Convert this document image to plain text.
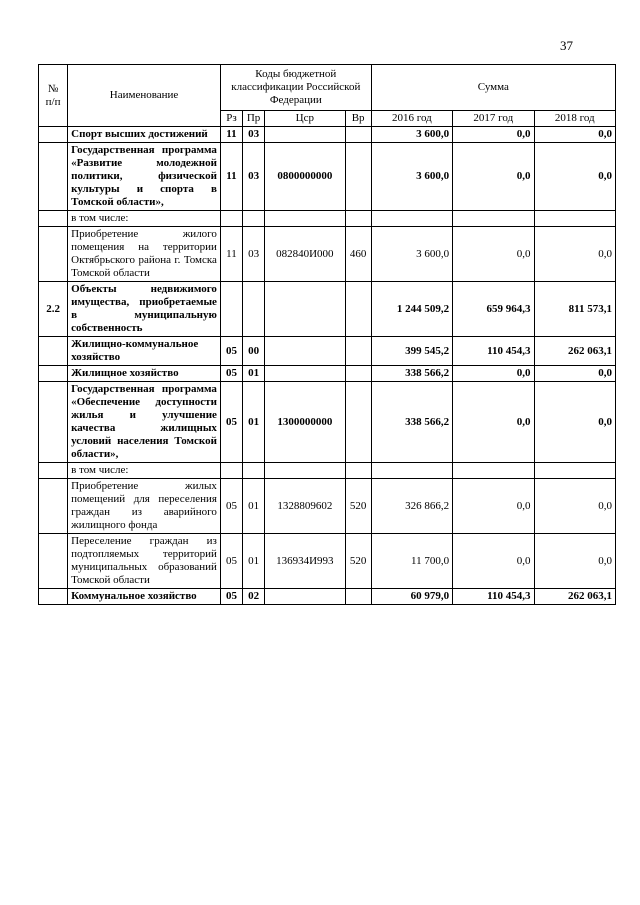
37
№ п/п	Наименование	Коды бюджетной классификации Российской Федерации				Сумма		
		Рз	Пр	Цср	Вр	2016 год	2017 год	2018 год
	Спорт высших достижений	11	03			3 600,0	0,0	0,0
	Государственная программа «Развитие молодежной политики, физической культуры и спорта в Томской области»,	11	03	0800000000		3 600,0	0,0	0,0
	в том числе:							
	Приобретение жилого помещения на территории Октябрьского района г. Томска Томской области	11	03	082840И000	460	3 600,0	0,0	0,0
2.2	Объекты недвижимого имущества, приобретаемые в муниципальную собственность					1 244 509,2	659 964,3	811 573,1
	Жилищно-коммунальное хозяйство	05	00			399 545,2	110 454,3	262 063,1
	Жилищное хозяйство	05	01			338 566,2	0,0	0,0
	Государственная программа «Обеспечение доступности жилья и улучшение качества жилищных условий населения Томской области»,	05	01	1300000000		338 566,2	0,0	0,0
	в том числе:							
	Приобретение жилых помещений для переселения граждан из аварийного жилищного фонда	05	01	1328809602	520	326 866,2	0,0	0,0
	Переселение граждан из подтопляемых территорий муниципальных образований Томской области	05	01	136934И993	520	11 700,0	0,0	0,0
	Коммунальное хозяйство	05	02			60 979,0	110 454,3	262 063,1
